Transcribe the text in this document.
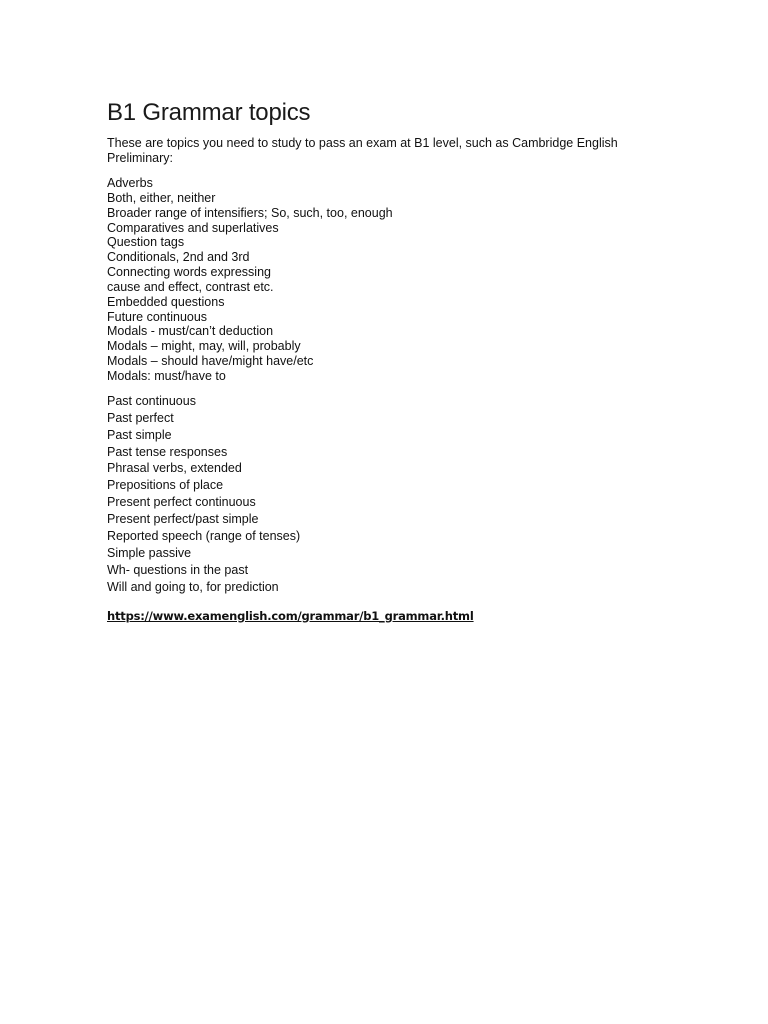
B1 Grammar topics
These are topics you need to study to pass an exam at B1 level, such as Cambridge English Preliminary:
Adverbs
Both, either, neither
Broader range of intensifiers; So, such, too, enough
Comparatives and superlatives
Question tags
Conditionals, 2nd and 3rd
Connecting words expressing
cause and effect, contrast etc.
Embedded questions
Future continuous
Modals - must/can’t deduction
Modals – might, may, will, probably
Modals – should have/might have/etc
Modals: must/have to
Past continuous
Past perfect
Past simple
Past tense responses
Phrasal verbs, extended
Prepositions of place
Present perfect continuous
Present perfect/past simple
Reported speech (range of tenses)
Simple passive
Wh- questions in the past
Will and going to, for prediction
https://www.examenglish.com/grammar/b1_grammar.html
